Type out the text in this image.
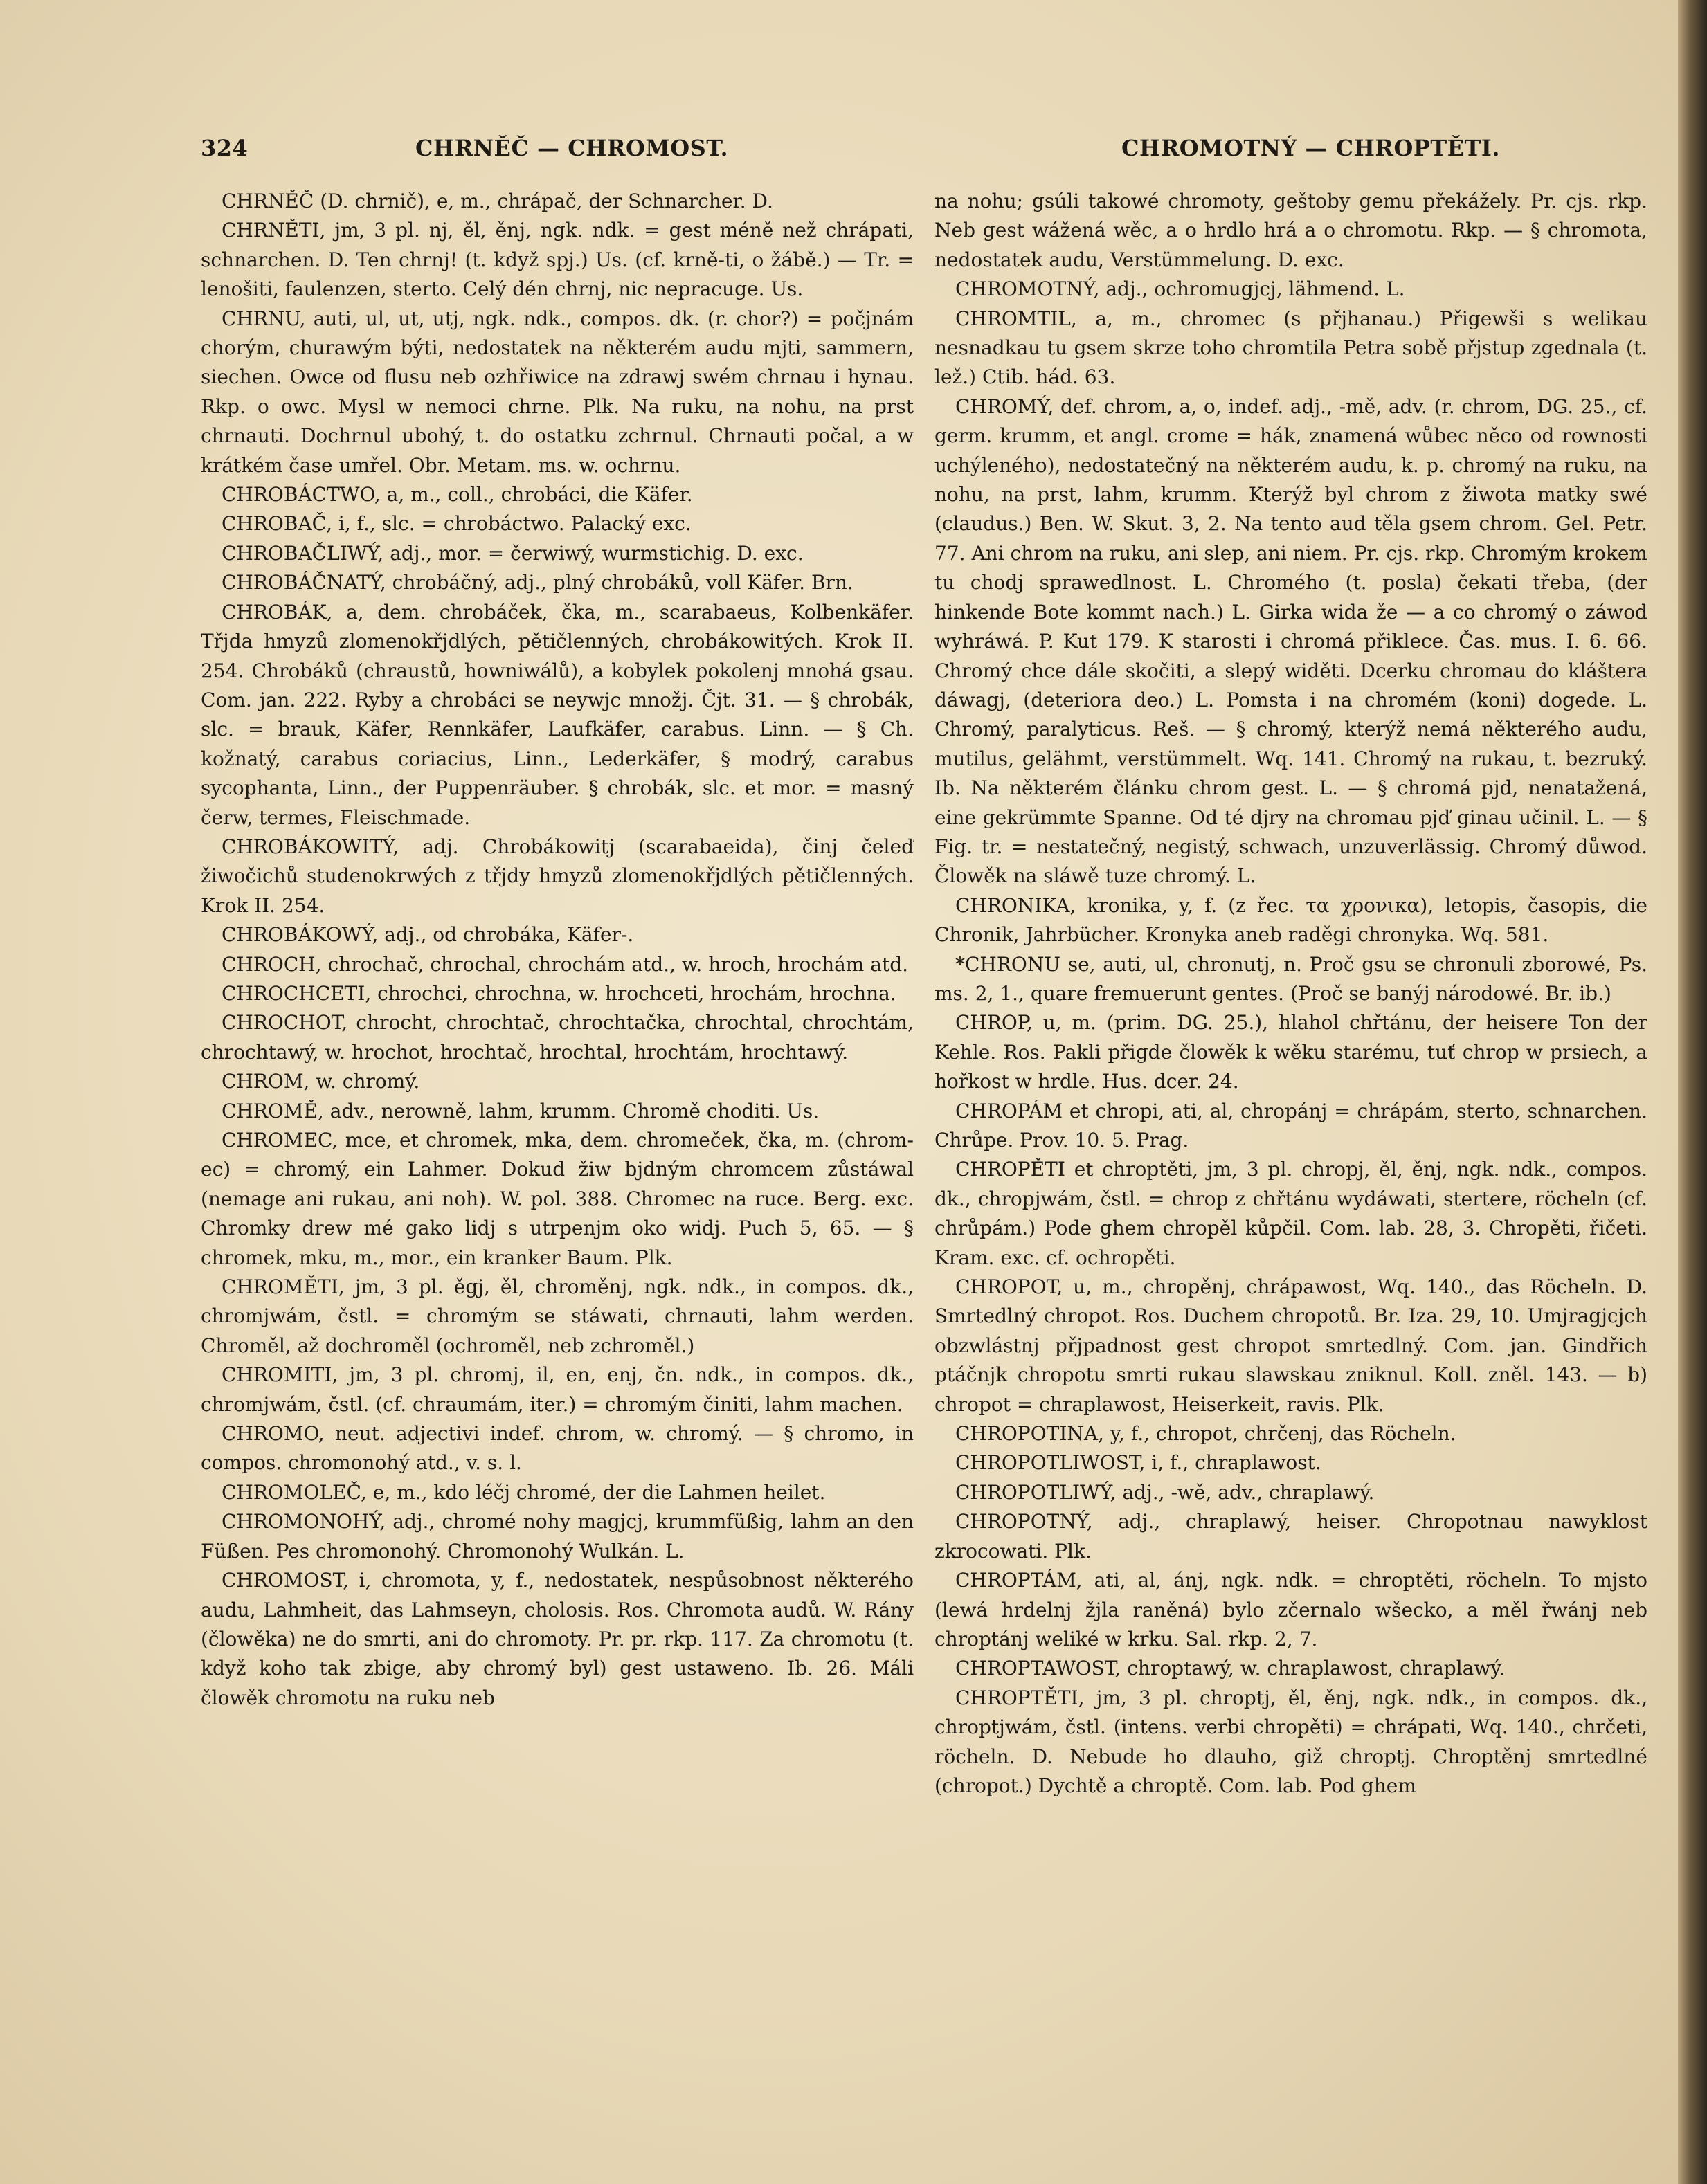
324	CHRNĚČ — CHROMOST.	CHROMOTNÝ — CHROPTĚTI.

CHRNĚČ (D. chrnič), e, m., chrápač, der Schnarcher. D.

CHRNĚTI, jm, 3 pl. nj, ěl, ěnj, ngk. ndk. = gest méně než chrápati, schnarchen. D. Ten chrnj! (t. když spj.) Us. (cf. krně-ti, o žábě.) — Tr. = lenošiti, faulenzen, sterto. Celý dén chrnj, nic nepracuge. Us.

CHRNU, auti, ul, ut, utj, ngk. ndk., compos. dk. (r. chor?) = počjnám chorým, churawým býti, nedostatek na některém audu mjti, sammern, siechen. Owce od flusu neb ozhřiwice na zdrawj swém chrnau i hynau. Rkp. o owc. Mysl w nemoci chrne. Plk. Na ruku, na nohu, na prst chrnauti. Dochrnul ubohý, t. do ostatku zchrnul. Chrnauti počal, a w krátkém čase umřel. Obr. Metam. ms. w. ochrnu.

CHROBÁCTWO, a, m., coll., chrobáci, die Käfer.

CHROBAČ, i, f., slc. = chrobáctwo. Palacký exc.

CHROBAČLIWÝ, adj., mor. = čerwiwý, wurmstichig. D. exc.

CHROBÁČNATÝ, chrobáčný, adj., plný chrobáků, voll Käfer. Brn.

CHROBÁK, a, dem. chrobáček, čka, m., scarabaeus, Kolbenkäfer. Třjda hmyzů zlomenokřjdlých, pětičlenných, chrobákowitých. Krok II. 254. Chrobáků (chraustů, howniwálů), a kobylek pokolenj mnohá gsau. Com. jan. 222. Ryby a chrobáci se neywjc množj. Čjt. 31. — § chrobák, slc. = brauk, Käfer, Rennkäfer, Laufkäfer, carabus. Linn. — § Ch. kožnatý, carabus coriacius, Linn., Lederkäfer, § modrý, carabus sycophanta, Linn., der Puppenräuber. § chrobák, slc. et mor. = masný čerw, termes, Fleischmade.

CHROBÁKOWITÝ, adj. Chrobákowitj (scarabaeida), činj čeleď žiwočichů studenokrwých z třjdy hmyzů zlomenokřjdlých pětičlenných. Krok II. 254.

CHROBÁKOWÝ, adj., od chrobáka, Käfer-.

CHROCH, chrochač, chrochal, chrochám atd., w. hroch, hrochám atd.

CHROCHCETI, chrochci, chrochna, w. hrochceti, hrochám, hrochna.

CHROCHOT, chrocht, chrochtač, chrochtačka, chrochtal, chrochtám, chrochtawý, w. hrochot, hrochtač, hrochtal, hrochtám, hrochtawý.

CHROM, w. chromý.

CHROMĚ, adv., nerowně, lahm, krumm. Chromě choditi. Us.

CHROMEC, mce, et chromek, mka, dem. chromeček, čka, m. (chrom-ec) = chromý, ein Lahmer. Dokud žiw bjdným chromcem zůstáwal (nemage ani rukau, ani noh). W. pol. 388. Chromec na ruce. Berg. exc. Chromky drew mé gako lidj s utrpenjm oko widj. Puch 5, 65. — § chromek, mku, m., mor., ein kranker Baum. Plk.

CHROMĚTI, jm, 3 pl. ěgj, ěl, chroměnj, ngk. ndk., in compos. dk., chromjwám, čstl. = chromým se stáwati, chrnauti, lahm werden. Chroměl, až dochroměl (ochroměl, neb zchroměl.)

CHROMITI, jm, 3 pl. chromj, il, en, enj, čn. ndk., in compos. dk., chromjwám, čstl. (cf. chraumám, iter.) = chromým činiti, lahm machen.

CHROMO, neut. adjectivi indef. chrom, w. chromý. — § chromo, in compos. chromonohý atd., v. s. l.

CHROMOLEČ, e, m., kdo léčj chromé, der die Lahmen heilet.

CHROMONOHÝ, adj., chromé nohy magjcj, krummfüßig, lahm an den Füßen. Pes chromonohý. Chromonohý Wulkán. L.

CHROMOST, i, chromota, y, f., nedostatek, nespůsobnost některého audu, Lahmheit, das Lahmseyn, cholosis. Ros. Chromota audů. W. Rány (člowěka) ne do smrti, ani do chromoty. Pr. pr. rkp. 117. Za chromotu (t. když koho tak zbige, aby chromý byl) gest ustaweno. Ib. 26. Máli člowěk chromotu na ruku neb

na nohu; gsúli takowé chromoty, geštoby gemu překážely. Pr. cjs. rkp. Neb gest wážená wěc, a o hrdlo hrá a o chromotu. Rkp. — § chromota, nedostatek audu, Verstümmelung. D. exc.

CHROMOTNÝ, adj., ochromugjcj, lähmend. L.

CHROMTIL, a, m., chromec (s přjhanau.) Přigewši s welikau nesnadkau tu gsem skrze toho chromtila Petra sobě přjstup zgednala (t. lež.) Ctib. hád. 63.

CHROMÝ, def. chrom, a, o, indef. adj., -mě, adv. (r. chrom, DG. 25., cf. germ. krumm, et angl. crome = hák, znamená wůbec něco od rownosti uchýleného), nedostatečný na některém audu, k. p. chromý na ruku, na nohu, na prst, lahm, krumm. Kterýž byl chrom z žiwota matky swé (claudus.) Ben. W. Skut. 3, 2. Na tento aud těla gsem chrom. Gel. Petr. 77. Ani chrom na ruku, ani slep, ani niem. Pr. cjs. rkp. Chromým krokem tu chodj sprawedlnost. L. Chromého (t. posla) čekati třeba, (der hinkende Bote kommt nach.) L. Girka wida že — a co chromý o záwod wyhráwá. P. Kut 179. K starosti i chromá přiklece. Čas. mus. I. 6. 66. Chromý chce dále skočiti, a slepý widěti. Dcerku chromau do kláštera dáwagj, (deteriora deo.) L. Pomsta i na chromém (koni) dogede. L. Chromý, paralyticus. Reš. — § chromý, kterýž nemá některého audu, mutilus, gelähmt, verstümmelt. Wq. 141. Chromý na rukau, t. bezruký. Ib. Na některém článku chrom gest. L. — § chromá pjd, nenatažená, eine gekrümmte Spanne. Od té djry na chromau pjď ginau učinil. L. — § Fig. tr. = nestatečný, negistý, schwach, unzuverlässig. Chromý důwod. Člowěk na sláwě tuze chromý. L.

CHRONIKA, kronika, y, f. (z řec. τα χρονικα), letopis, časopis, die Chronik, Jahrbücher. Kronyka aneb raděgi chronyka. Wq. 581.

*CHRONU se, auti, ul, chronutj, n. Proč gsu se chronuli zborowé, Ps. ms. 2, 1., quare fremuerunt gentes. (Proč se banýj národowé. Br. ib.)

CHROP, u, m. (prim. DG. 25.), hlahol chřtánu, der heisere Ton der Kehle. Ros. Pakli přigde člowěk k wěku starému, tuť chrop w prsiech, a hořkost w hrdle. Hus. dcer. 24.

CHROPÁM et chropi, ati, al, chropánj = chrápám, sterto, schnarchen. Chrůpe. Prov. 10. 5. Prag.

CHROPĚTI et chroptěti, jm, 3 pl. chropj, ěl, ěnj, ngk. ndk., compos. dk., chropjwám, čstl. = chrop z chřtánu wydáwati, stertere, röcheln (cf. chrůpám.) Pode ghem chropěl kůpčil. Com. lab. 28, 3. Chropěti, řičeti. Kram. exc. cf. ochropěti.

CHROPOT, u, m., chropěnj, chrápawost, Wq. 140., das Röcheln. D. Smrtedlný chropot. Ros. Duchem chropotů. Br. Iza. 29, 10. Umjragjcjch obzwlástnj přjpadnost gest chropot smrtedlný. Com. jan. Gindřich ptáčnjk chropotu smrti rukau slawskau zniknul. Koll. zněl. 143. — b) chropot = chraplawost, Heiserkeit, ravis. Plk.

CHROPOTINA, y, f., chropot, chrčenj, das Röcheln.

CHROPOTLIWOST, i, f., chraplawost.

CHROPOTLIWÝ, adj., -wě, adv., chraplawý.

CHROPOTNÝ, adj., chraplawý, heiser. Chropotnau nawyklost zkrocowati. Plk.

CHROPTÁM, ati, al, ánj, ngk. ndk. = chroptěti, röcheln. To mjsto (lewá hrdelnj žjla raněná) bylo zčernalo wšecko, a měl řwánj neb chroptánj weliké w krku. Sal. rkp. 2, 7.

CHROPTAWOST, chroptawý, w. chraplawost, chraplawý.

CHROPTĚTI, jm, 3 pl. chroptj, ěl, ěnj, ngk. ndk., in compos. dk., chroptjwám, čstl. (intens. verbi chropěti) = chrápati, Wq. 140., chrčeti, röcheln. D. Nebude ho dlauho, giž chroptj. Chroptěnj smrtedlné (chropot.) Dychtě a chroptě. Com. lab. Pod ghem
